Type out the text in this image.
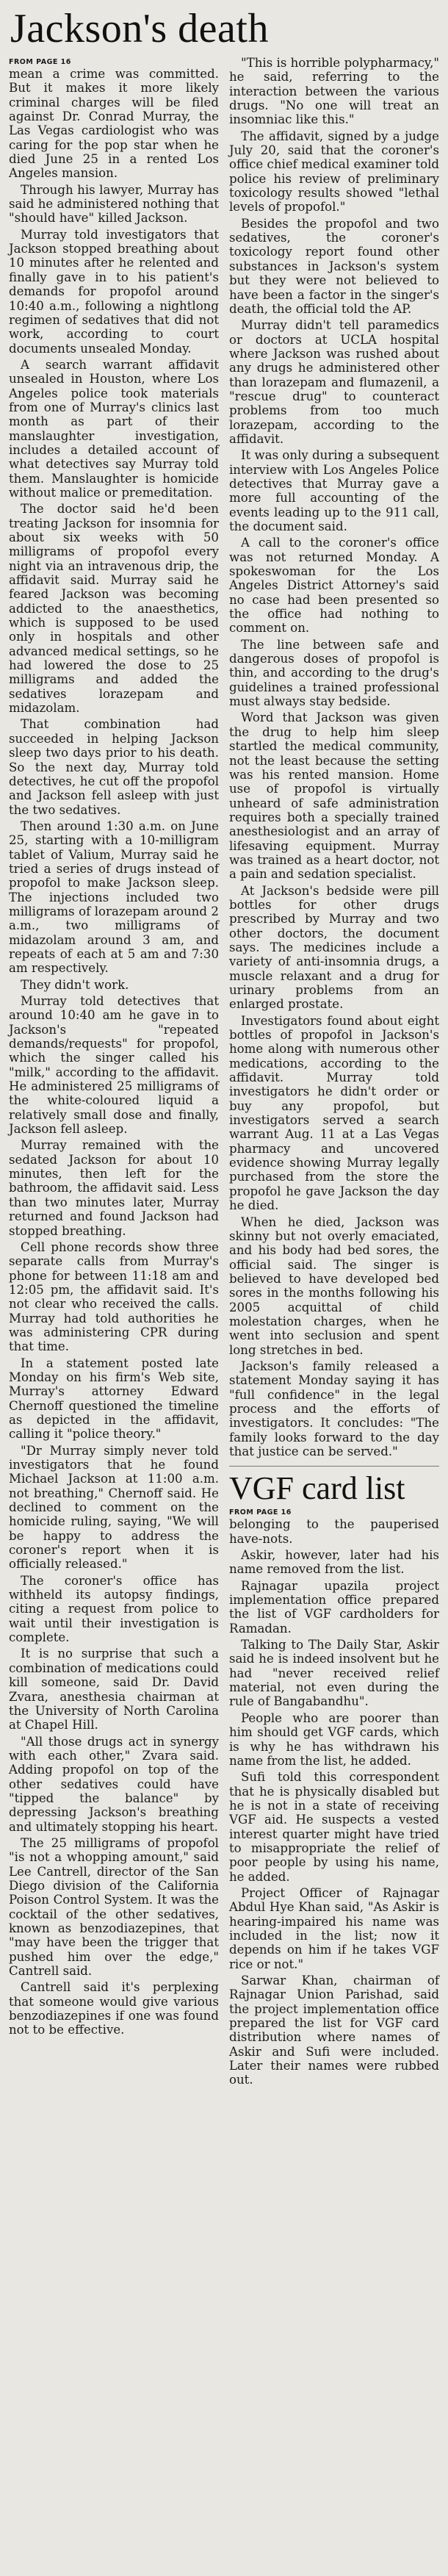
Jackson's death
FROM PAGE 16

mean a crime was committed. But it makes it more likely criminal charges will be filed against Dr. Conrad Murray, the Las Vegas cardiologist who was caring for the pop star when he died June 25 in a rented Los Angeles mansion.

Through his lawyer, Murray has said he administered nothing that "should have" killed Jackson.

Murray told investigators that Jackson stopped breathing about 10 minutes after he relented and finally gave in to his patient's demands for propofol around 10:40 a.m., following a nightlong regimen of sedatives that did not work, according to court documents unsealed Monday.

A search warrant affidavit unsealed in Houston, where Los Angeles police took materials from one of Murray's clinics last month as part of their manslaughter investigation, includes a detailed account of what detectives say Murray told them. Manslaughter is homicide without malice or premeditation.

The doctor said he'd been treating Jackson for insomnia for about six weeks with 50 milligrams of propofol every night via an intravenous drip, the affidavit said. Murray said he feared Jackson was becoming addicted to the anaesthetics, which is supposed to be used only in hospitals and other advanced medical settings, so he had lowered the dose to 25 milligrams and added the sedatives lorazepam and midazolam.

That combination had succeeded in helping Jackson sleep two days prior to his death. So the next day, Murray told detectives, he cut off the propofol and Jackson fell asleep with just the two sedatives.

Then around 1:30 a.m. on June 25, starting with a 10-milligram tablet of Valium, Murray said he tried a series of drugs instead of propofol to make Jackson sleep. The injections included two milligrams of lorazepam around 2 a.m., two milligrams of midazolam around 3 am, and repeats of each at 5 am and 7:30 am respectively.

They didn't work.

Murray told detectives that around 10:40 am he gave in to Jackson's "repeated demands/requests" for propofol, which the singer called his "milk," according to the affidavit. He administered 25 milligrams of the white-coloured liquid a relatively small dose and finally, Jackson fell asleep.

Murray remained with the sedated Jackson for about 10 minutes, then left for the bathroom, the affidavit said. Less than two minutes later, Murray returned and found Jackson had stopped breathing.

Cell phone records show three separate calls from Murray's phone for between 11:18 am and 12:05 pm, the affidavit said. It's not clear who received the calls. Murray had told authorities he was administering CPR during that time.

In a statement posted late Monday on his firm's Web site, Murray's attorney Edward Chernoff questioned the timeline as depicted in the affidavit, calling it "police theory."

"Dr Murray simply never told investigators that he found Michael Jackson at 11:00 a.m. not breathing," Chernoff said. He declined to comment on the homicide ruling, saying, "We will be happy to address the coroner's report when it is officially released."

The coroner's office has withheld its autopsy findings, citing a request from police to wait until their investigation is complete.

It is no surprise that such a combination of medications could kill someone, said Dr. David Zvara, anesthesia chairman at the University of North Carolina at Chapel Hill.

"All those drugs act in synergy with each other," Zvara said. Adding propofol on top of the other sedatives could have "tipped the balance" by depressing Jackson's breathing and ultimately stopping his heart.

The 25 milligrams of propofol "is not a whopping amount," said Lee Cantrell, director of the San Diego division of the California Poison Control System. It was the cocktail of the other sedatives, known as benzodiazepines, that "may have been the trigger that pushed him over the edge," Cantrell said.

Cantrell said it's perplexing that someone would give various benzodiazepines if one was found not to be effective.

"This is horrible polypharmacy," he said, referring to the interaction between the various drugs. "No one will treat an insomniac like this."

The affidavit, signed by a judge July 20, said that the coroner's office chief medical examiner told police his review of preliminary toxicology results showed "lethal levels of propofol."

Besides the propofol and two sedatives, the coroner's toxicology report found other substances in Jackson's system but they were not believed to have been a factor in the singer's death, the official told the AP.

Murray didn't tell paramedics or doctors at UCLA hospital where Jackson was rushed about any drugs he administered other than lorazepam and flumazenil, a "rescue drug" to counteract problems from too much lorazepam, according to the affidavit.

It was only during a subsequent interview with Los Angeles Police detectives that Murray gave a more full accounting of the events leading up to the 911 call, the document said.

A call to the coroner's office was not returned Monday. A spokeswoman for the Los Angeles District Attorney's said no case had been presented so the office had nothing to comment on.

The line between safe and dangerous doses of propofol is thin, and according to the drug's guidelines a trained professional must always stay bedside.

Word that Jackson was given the drug to help him sleep startled the medical community, not the least because the setting was his rented mansion. Home use of propofol is virtually unheard of safe administration requires both a specially trained anesthesiologist and an array of lifesaving equipment. Murray was trained as a heart doctor, not a pain and sedation specialist.

At Jackson's bedside were pill bottles for other drugs prescribed by Murray and two other doctors, the document says. The medicines include a variety of anti-insomnia drugs, a muscle relaxant and a drug for urinary problems from an enlarged prostate.

Investigators found about eight bottles of propofol in Jackson's home along with numerous other medications, according to the affidavit. Murray told investigators he didn't order or buy any propofol, but investigators served a search warrant Aug. 11 at a Las Vegas pharmacy and uncovered evidence showing Murray legally purchased from the store the propofol he gave Jackson the day he died.

When he died, Jackson was skinny but not overly emaciated, and his body had bed sores, the official said. The singer is believed to have developed bed sores in the months following his 2005 acquittal of child molestation charges, when he went into seclusion and spent long stretches in bed.

Jackson's family released a statement Monday saying it has "full confidence" in the legal process and the efforts of investigators. It concludes: "The family looks forward to the day that justice can be served."

VGF card list
FROM PAGE 16

belonging to the pauperised have-nots.

Askir, however, later had his name removed from the list.

Rajnagar upazila project implementation office prepared the list of VGF cardholders for Ramadan.

Talking to The Daily Star, Askir said he is indeed insolvent but he had "never received relief material, not even during the rule of Bangabandhu".

People who are poorer than him should get VGF cards, which is why he has withdrawn his name from the list, he added.

Sufi told this correspondent that he is physically disabled but he is not in a state of receiving VGF aid. He suspects a vested interest quarter might have tried to misappropriate the relief of poor people by using his name, he added.

Project Officer of Rajnagar Abdul Hye Khan said, "As Askir is hearing-impaired his name was included in the list; now it depends on him if he takes VGF rice or not."

Sarwar Khan, chairman of Rajnagar Union Parishad, said the project implementation office prepared the list for VGF card distribution where names of Askir and Sufi were included. Later their names were rubbed out.
